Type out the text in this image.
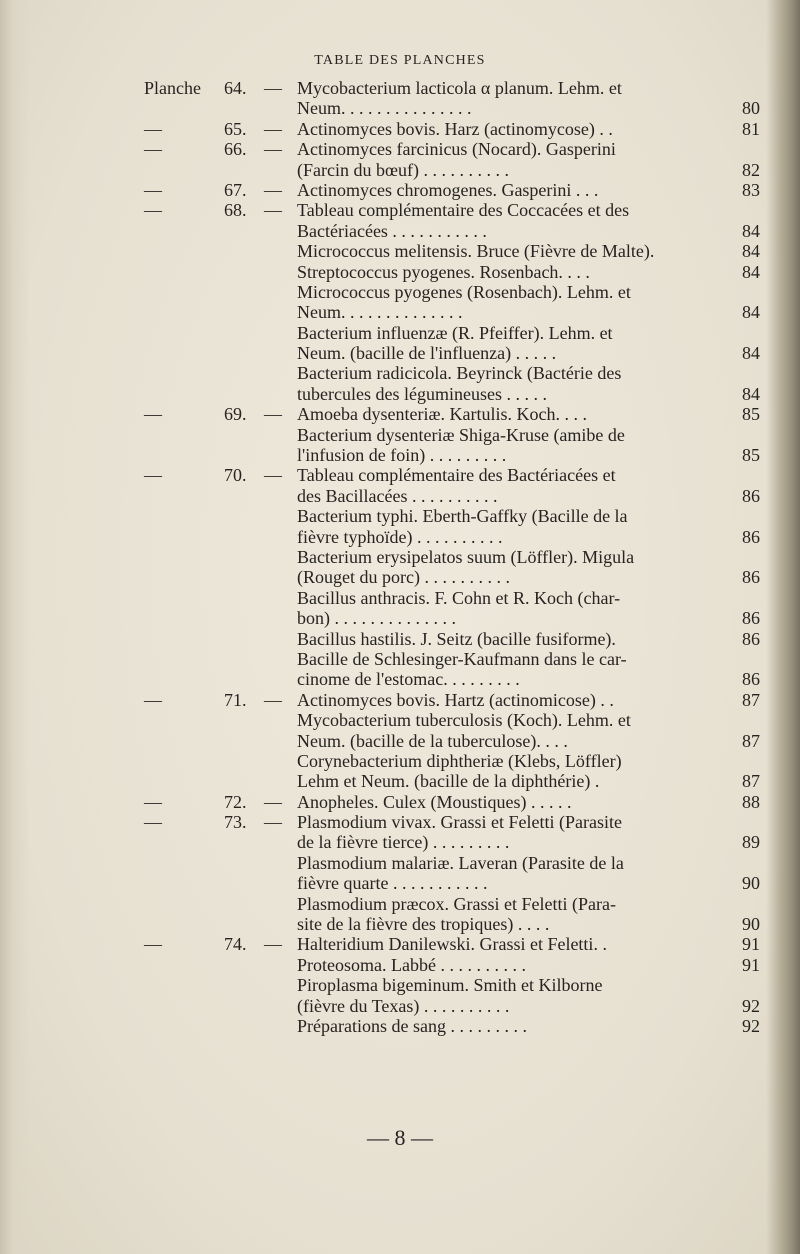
TABLE DES PLANCHES
Planche 64. — Mycobacterium lacticola α planum. Lehm. et
Neum. . . . . . . . . . . . . . .	80
—	65. — Actinomyces bovis. Harz (actinomycose) . .	81
—	66. — Actinomyces farcinicus (Nocard). Gasperini
(Farcin du bœuf) . . . . . . . . . .	82
—	67. — Actinomyces chromogenes. Gasperini . . .	83
—	68. — Tableau complémentaire des Coccacées et des
Bactériacées . . . . . . . . . . .	84
Micrococcus melitensis. Bruce (Fièvre de Malte).	84
Streptococcus pyogenes. Rosenbach. . . .	84
Micrococcus pyogenes (Rosenbach). Lehm. et
Neum. . . . . . . . . . . . . .	84
Bacterium influenzæ (R. Pfeiffer). Lehm. et
Neum. (bacille de l'influenza) . . . . .	84
Bacterium radicicola. Beyrinck (Bactérie des
tubercules des légumineuses . . . . .	84
—	69. — Amoeba dysenteriæ. Kartulis. Koch. . . .	85
Bacterium dysenteriæ Shiga-Kruse (amibe de
l'infusion de foin) . . . . . . . . .	85
—	70. — Tableau complémentaire des Bactériacées et
des Bacillacées . . . . . . . . . .	86
Bacterium typhi. Eberth-Gaffky (Bacille de la
fièvre typhoïde) . . . . . . . . . .	86
Bacterium erysipelatos suum (Löffler). Migula
(Rouget du porc) . . . . . . . . . .	86
Bacillus anthracis. F. Cohn et R. Koch (char-
bon) . . . . . . . . . . . . . .	86
Bacillus hastilis. J. Seitz (bacille fusiforme).	86
Bacille de Schlesinger-Kaufmann dans le car-
cinome de l'estomac. . . . . . . . .	86
—	71. — Actinomyces bovis. Hartz (actinomicose) . .	87
Mycobacterium tuberculosis (Koch). Lehm. et
Neum. (bacille de la tuberculose). . . .	87
Corynebacterium diphtheriæ (Klebs, Löffler)
Lehm et Neum. (bacille de la diphthérie) .	87
—	72. — Anopheles. Culex (Moustiques) . . . . .	88
—	73. — Plasmodium vivax. Grassi et Feletti (Parasite
de la fièvre tierce) . . . . . . . . .	89
Plasmodium malariæ. Laveran (Parasite de la
fièvre quarte . . . . . . . . . . .	90
Plasmodium præcox. Grassi et Feletti (Para-
site de la fièvre des tropiques) . . . .	90
—	74. — Halteridium Danilewski. Grassi et Feletti. .	91
Proteosoma. Labbé . . . . . . . . . .	91
Piroplasma bigeminum. Smith et Kilborne
(fièvre du Texas) . . . . . . . . . .	92
Préparations de sang . . . . . . . . .	92
— 8 —
